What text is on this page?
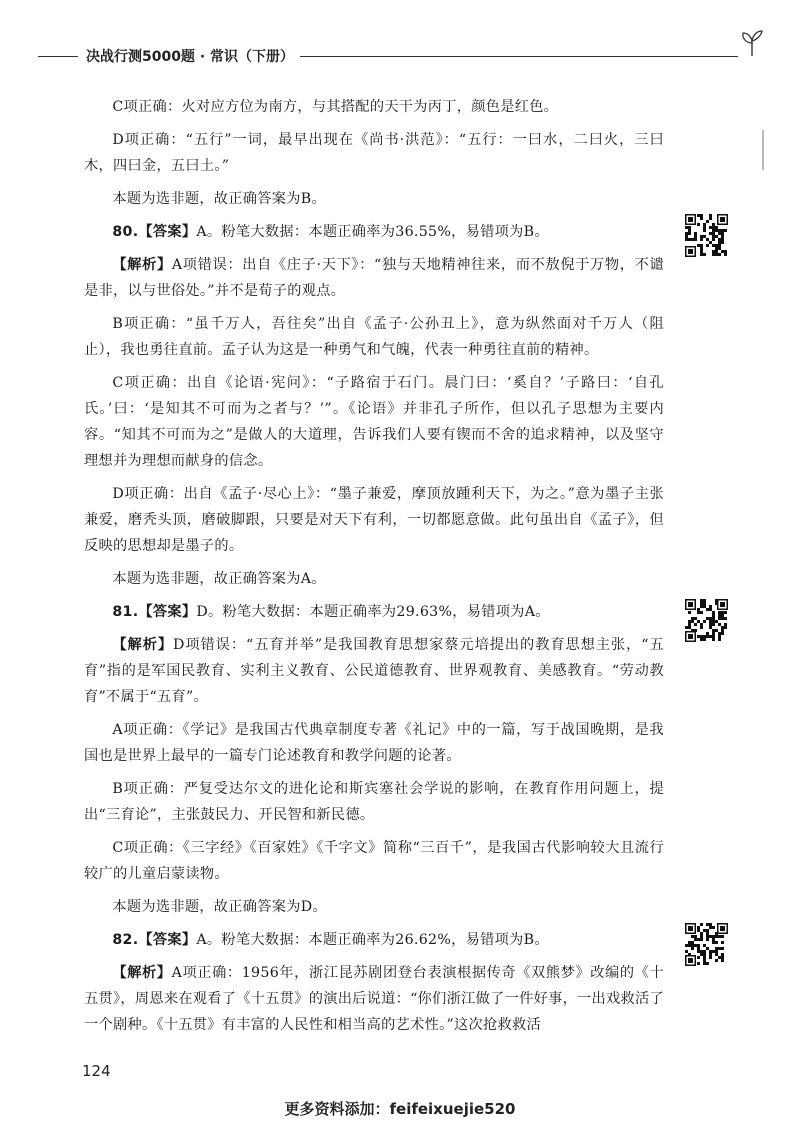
决战行测5000题 · 常识（下册）

C项正确：火对应方位为南方，与其搭配的天干为丙丁，颜色是红色。

D项正确：“五行”一词，最早出现在《尚书·洪范》：“五行：一曰水，二曰火，三曰木，四曰金，五曰土。”

本题为选非题，故正确答案为B。

80.【答案】A。粉笔大数据：本题正确率为36.55%，易错项为B。

【解析】A项错误：出自《庄子·天下》：“独与天地精神往来，而不敖倪于万物，不谴是非，以与世俗处。”并不是荀子的观点。

B项正确：“虽千万人，吾往矣”出自《孟子·公孙丑上》，意为纵然面对千万人（阻止），我也勇往直前。孟子认为这是一种勇气和气魄，代表一种勇往直前的精神。

C项正确：出自《论语·宪问》：“子路宿于石门。晨门曰：‘奚自？’子路曰：‘自孔氏。’曰：‘是知其不可而为之者与？’”。《论语》并非孔子所作，但以孔子思想为主要内容。“知其不可而为之”是做人的大道理，告诉我们人要有锲而不舍的追求精神，以及坚守理想并为理想而献身的信念。

D项正确：出自《孟子·尽心上》：“墨子兼爱，摩顶放踵利天下，为之。”意为墨子主张兼爱，磨秃头顶，磨破脚跟，只要是对天下有利，一切都愿意做。此句虽出自《孟子》，但反映的思想却是墨子的。

本题为选非题，故正确答案为A。

81.【答案】D。粉笔大数据：本题正确率为29.63%，易错项为A。

【解析】D项错误：“五育并举”是我国教育思想家蔡元培提出的教育思想主张，“五育”指的是军国民教育、实利主义教育、公民道德教育、世界观教育、美感教育。“劳动教育”不属于“五育”。

A项正确：《学记》是我国古代典章制度专著《礼记》中的一篇，写于战国晚期，是我国也是世界上最早的一篇专门论述教育和教学问题的论著。

B项正确：严复受达尔文的进化论和斯宾塞社会学说的影响，在教育作用问题上，提出“三育论”，主张鼓民力、开民智和新民德。

C项正确：《三字经》《百家姓》《千字文》简称“三百千”，是我国古代影响较大且流行较广的儿童启蒙读物。

本题为选非题，故正确答案为D。

82.【答案】A。粉笔大数据：本题正确率为26.62%，易错项为B。

【解析】A项正确：1956年，浙江昆苏剧团登台表演根据传奇《双熊梦》改编的《十五贯》，周恩来在观看了《十五贯》的演出后说道：“你们浙江做了一件好事，一出戏救活了一个剧种。《十五贯》有丰富的人民性和相当高的艺术性。”这次抢救救活

124
更多资料添加：feifeixuejie520
